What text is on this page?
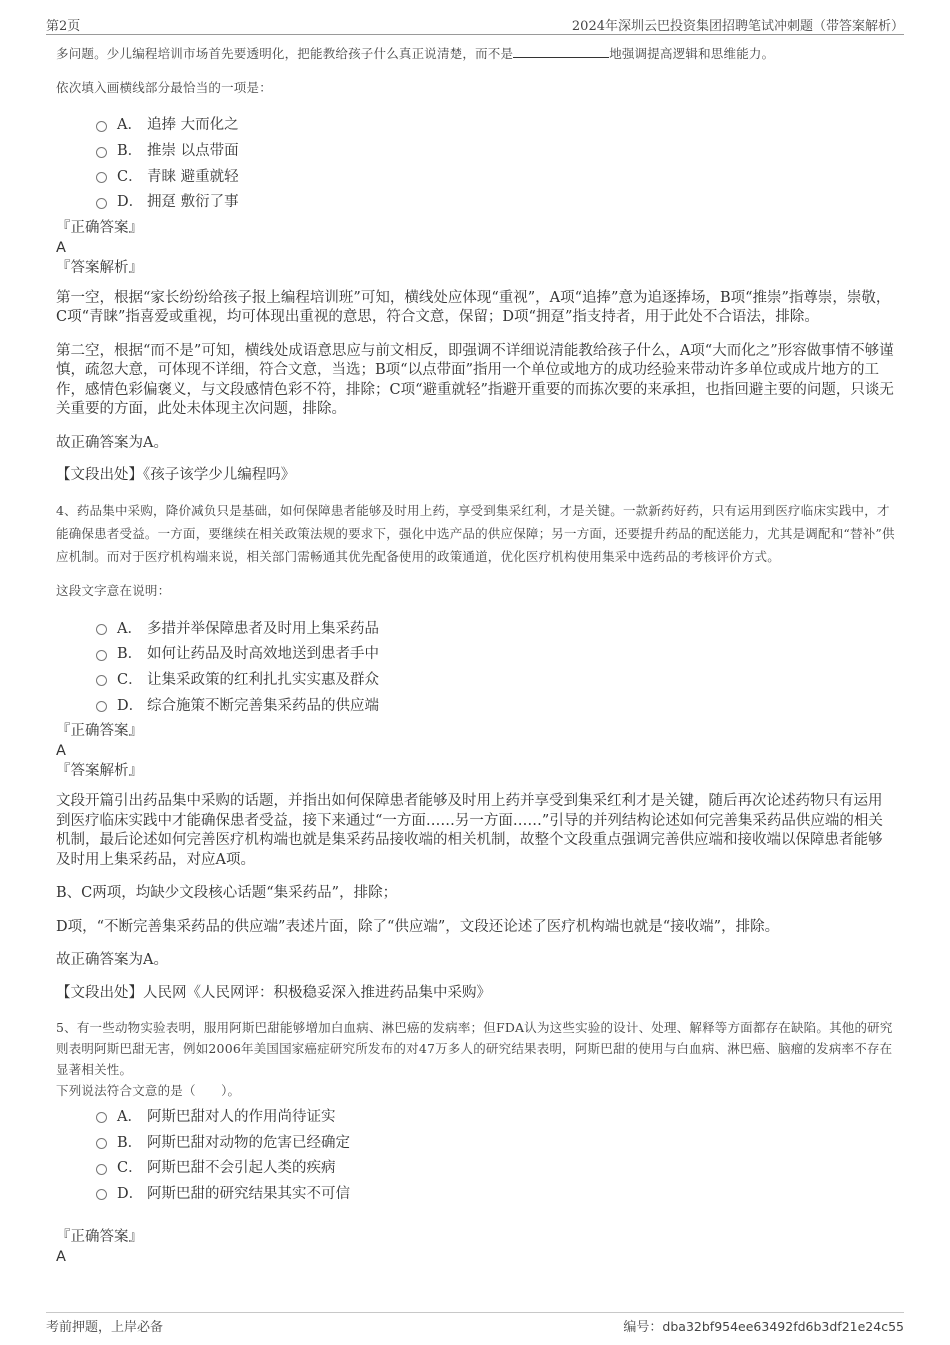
第2页	2024年深圳云巴投资集团招聘笔试冲刺题（带答案解析）

多问题。少儿编程培训市场首先要透明化，把能教给孩子什么真正说清楚，而不是	地强调提高逻辑和思维能力。

依次填入画横线部分最恰当的一项是：

A． 追捧 大而化之
B． 推崇 以点带面
C． 青睐 避重就轻
D． 拥趸 敷衍了事

『正确答案』

A

『答案解析』

第一空，根据“家长纷纷给孩子报上编程培训班”可知，横线处应体现“重视”，A项“追捧”意为追逐捧场，B项“推崇”指尊崇，崇敬，C项“青睐”指喜爱或重视，均可体现出重视的意思，符合文意，保留；D项“拥趸”指支持者，用于此处不合语法，排除。

第二空，根据“而不是”可知，横线处成语意思应与前文相反，即强调不详细说清能教给孩子什么，A项“大而化之”形容做事情不够谨慎，疏忽大意，可体现不详细，符合文意，当选；B项“以点带面”指用一个单位或地方的成功经验来带动许多单位或成片地方的工作，感情色彩偏褒义，与文段感情色彩不符，排除；C项“避重就轻”指避开重要的而拣次要的来承担，也指回避主要的问题，只谈无关重要的方面，此处未体现主次问题，排除。

故正确答案为A。

【文段出处】《孩子该学少儿编程吗》

4、药品集中采购，降价减负只是基础，如何保障患者能够及时用上药，享受到集采红利，才是关键。一款新药好药，只有运用到医疗临床实践中，才能确保患者受益。一方面，要继续在相关政策法规的要求下，强化中选产品的供应保障；另一方面，还要提升药品的配送能力，尤其是调配和“替补”供应机制。而对于医疗机构端来说，相关部门需畅通其优先配备使用的政策通道，优化医疗机构使用集采中选药品的考核评价方式。

这段文字意在说明：

A． 多措并举保障患者及时用上集采药品
B． 如何让药品及时高效地送到患者手中
C． 让集采政策的红利扎扎实实惠及群众
D． 综合施策不断完善集采药品的供应端

『正确答案』

A

『答案解析』

文段开篇引出药品集中采购的话题，并指出如何保障患者能够及时用上药并享受到集采红利才是关键，随后再次论述药物只有运用到医疗临床实践中才能确保患者受益，接下来通过“一方面……另一方面……”引导的并列结构论述如何完善集采药品供应端的相关机制，最后论述如何完善医疗机构端也就是集采药品接收端的相关机制，故整个文段重点强调完善供应端和接收端以保障患者能够及时用上集采药品，对应A项。

B、C两项，均缺少文段核心话题“集采药品”，排除；

D项，“不断完善集采药品的供应端”表述片面，除了“供应端”，文段还论述了医疗机构端也就是“接收端”，排除。

故正确答案为A。

【文段出处】人民网《人民网评：积极稳妥深入推进药品集中采购》

5、有一些动物实验表明，服用阿斯巴甜能够增加白血病、淋巴癌的发病率；但FDA认为这些实验的设计、处理、解释等方面都存在缺陷。其他的研究则表明阿斯巴甜无害，例如2006年美国国家癌症研究所发布的对47万多人的研究结果表明，阿斯巴甜的使用与白血病、淋巴癌、脑瘤的发病率不存在显著相关性。

下列说法符合文意的是（　　）。

A． 阿斯巴甜对人的作用尚待证实
B． 阿斯巴甜对动物的危害已经确定
C． 阿斯巴甜不会引起人类的疾病
D． 阿斯巴甜的研究结果其实不可信

『正确答案』

A

考前押题，上岸必备	编号：dba32bf954ee63492fd6b3df21e24c55
